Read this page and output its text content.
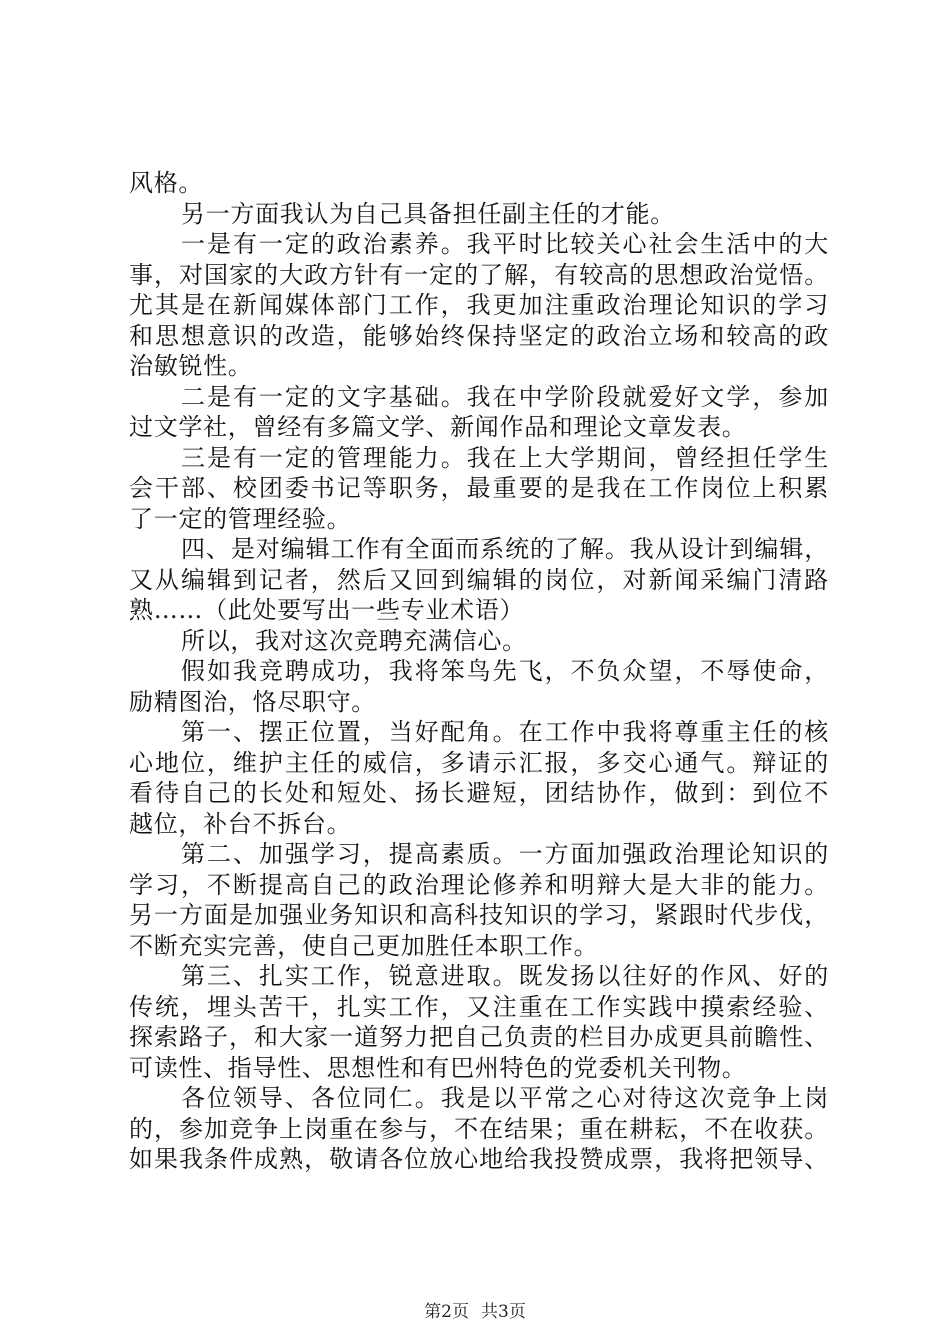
风格。
另一方面我认为自己具备担任副主任的才能。
一是有一定的政治素养。我平时比较关心社会生活中的大
事，对国家的大政方针有一定的了解，有较高的思想政治觉悟。
尤其是在新闻媒体部门工作，我更加注重政治理论知识的学习
和思想意识的改造，能够始终保持坚定的政治立场和较高的政
治敏锐性。
二是有一定的文字基础。我在中学阶段就爱好文学，参加
过文学社，曾经有多篇文学、新闻作品和理论文章发表。
三是有一定的管理能力。我在上大学期间，曾经担任学生
会干部、校团委书记等职务，最重要的是我在工作岗位上积累
了一定的管理经验。
四、是对编辑工作有全面而系统的了解。我从设计到编辑，
又从编辑到记者，然后又回到编辑的岗位，对新闻采编门清路
熟……（此处要写出一些专业术语）
所以，我对这次竞聘充满信心。
假如我竞聘成功，我将笨鸟先飞，不负众望，不辱使命，
励精图治，恪尽职守。
第一、摆正位置，当好配角。在工作中我将尊重主任的核
心地位，维护主任的威信，多请示汇报，多交心通气。辩证的
看待自己的长处和短处、扬长避短，团结协作，做到：到位不
越位，补台不拆台。
第二、加强学习，提高素质。一方面加强政治理论知识的
学习，不断提高自己的政治理论修养和明辩大是大非的能力。
另一方面是加强业务知识和高科技知识的学习，紧跟时代步伐，
不断充实完善，使自己更加胜任本职工作。
第三、扎实工作，锐意进取。既发扬以往好的作风、好的
传统，埋头苦干，扎实工作，又注重在工作实践中摸索经验、
探索路子，和大家一道努力把自己负责的栏目办成更具前瞻性、
可读性、指导性、思想性和有巴州特色的党委机关刊物。
各位领导、各位同仁。我是以平常之心对待这次竞争上岗
的，参加竞争上岗重在参与，不在结果；重在耕耘，不在收获。
如果我条件成熟，敬请各位放心地给我投赞成票，我将把领导、
第2页 共3页
